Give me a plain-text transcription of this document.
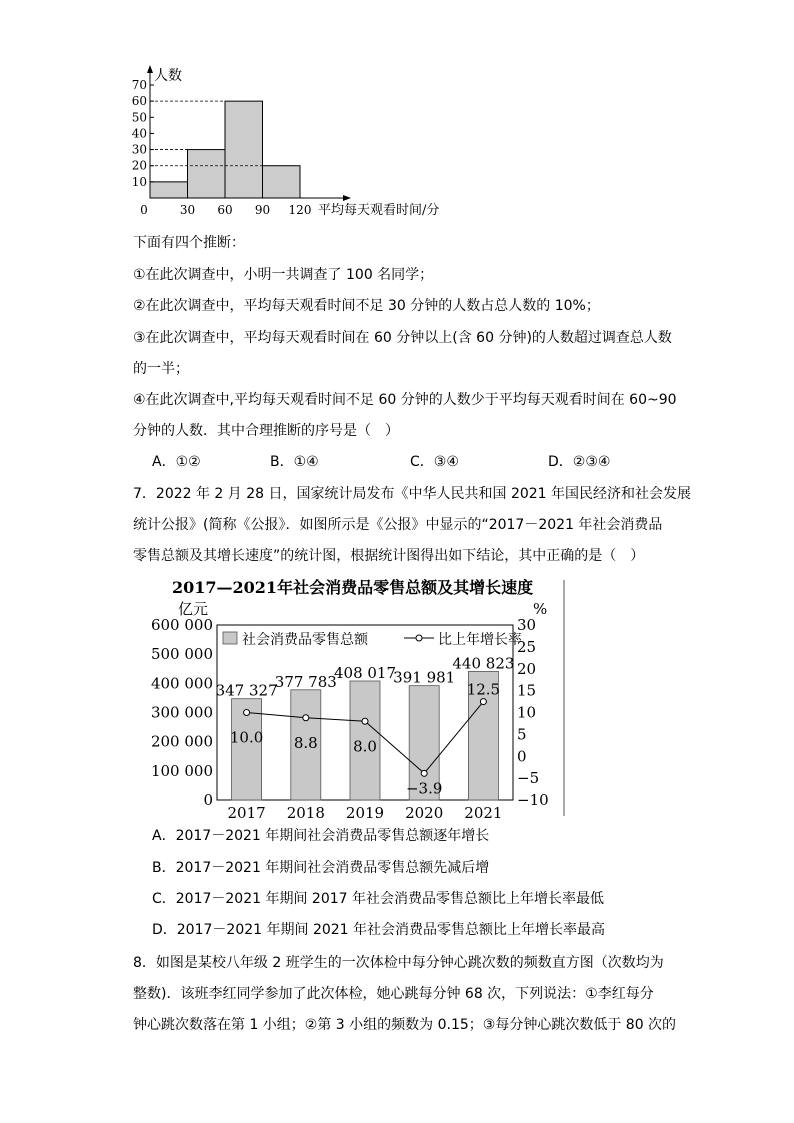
人数
平均每天观看时间/分
70
60
50
40
30
20
10
0	30 60 90 120
下面有四个推断：
①在此次调查中，小明一共调查了 100 名同学；
②在此次调查中，平均每天观看时间不足 30 分钟的人数占总人数的 10%；
③在此次调查中，平均每天观看时间在 60 分钟以上(含 60 分钟)的人数超过调查总人数
的一半；
④在此次调查中,平均每天观看时间不足 60 分钟的人数少于平均每天观看时间在 60~90
分钟的人数．其中合理推断的序号是（　）
A．①②	B．①④	C．③④	D．②③④
7．2022 年 2 月 28 日，国家统计局发布《中华人民共和国 2021 年国民经济和社会发展
统计公报》(简称《公报》．如图所示是《公报》中显示的“2017－2021 年社会消费品
零售总额及其增长速度”的统计图，根据统计图得出如下结论，其中正确的是（　）
2017—2021年社会消费品零售总额及其增长速度
亿元	%
社会消费品零售总额	比上年增长率
600 000
500 000
400 000
300 000
200 000
100 000
0
30
25
20
15
10
5
0
−5
−10
347 327
2017
377 783
2018
408 017
2019
391 981
2020
440 823
2021
10.0 8.8 8.0
−3.9
12.5
A．2017－2021 年期间社会消费品零售总额逐年增长
B．2017－2021 年期间社会消费品零售总额先减后增
C．2017－2021 年期间 2017 年社会消费品零售总额比上年增长率最低
D．2017－2021 年期间 2021 年社会消费品零售总额比上年增长率最高
8．如图是某校八年级 2 班学生的一次体检中每分钟心跳次数的频数直方图（次数均为
整数)．该班李红同学参加了此次体检，她心跳每分钟 68 次，下列说法：①李红每分
钟心跳次数落在第 1 小组；②第 3 小组的频数为 0.15；③每分钟心跳次数低于 80 次的
